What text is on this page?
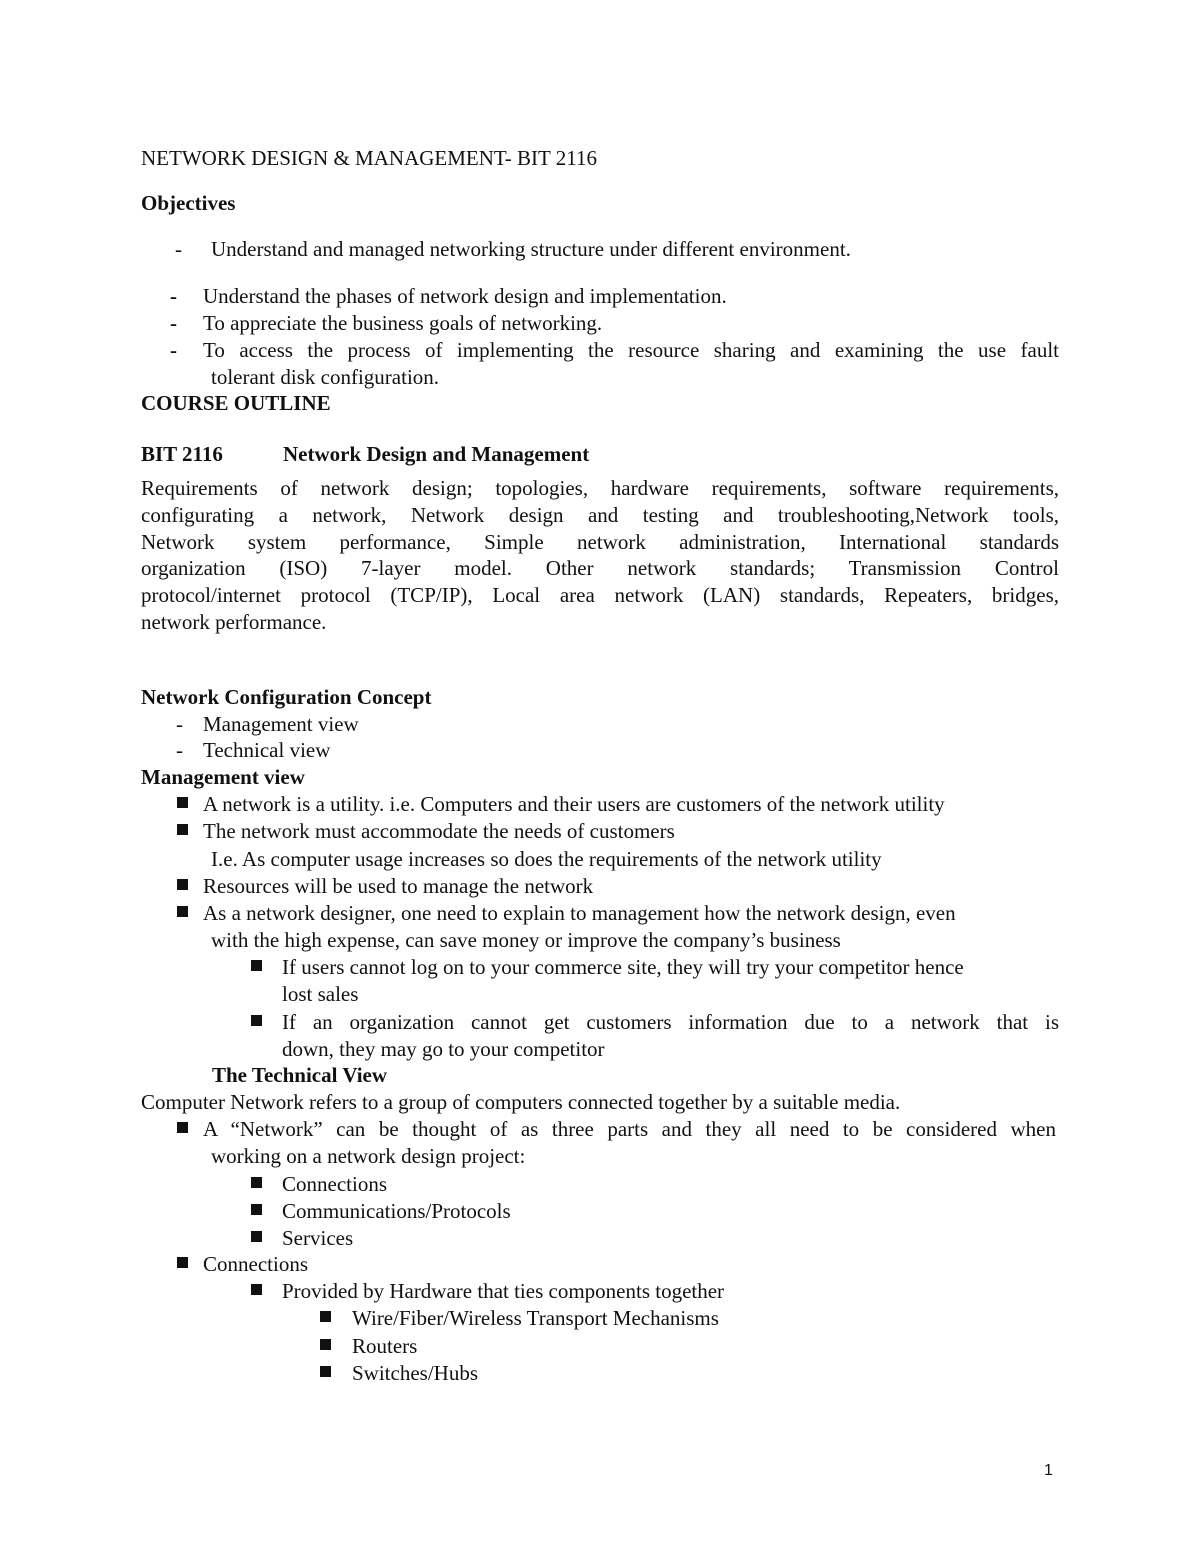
NETWORK DESIGN & MANAGEMENT- BIT 2116
Objectives
- Understand and managed networking structure under different environment.
- Understand the phases of network design and implementation.
- To appreciate the business goals of networking.
- To access the process of implementing the resource sharing and examining the use fault
tolerant disk configuration.
COURSE OUTLINE
BIT 2116	Network Design and Management
Requirements of network design; topologies, hardware requirements, software requirements,
configurating a network, Network design and testing and troubleshooting,Network tools,
Network system performance, Simple network administration, International standards
organization (ISO) 7-layer model. Other network standards; Transmission Control
protocol/internet protocol (TCP/IP), Local area network (LAN) standards, Repeaters, bridges,
network performance.
Network Configuration Concept
- Management view
- Technical view
Management view
A network is a utility. i.e. Computers and their users are customers of the network utility
The network must accommodate the needs of customers
I.e. As computer usage increases so does the requirements of the network utility
Resources will be used to manage the network
As a network designer, one need to explain to management how the network design, even
with the high expense, can save money or improve the company’s business
If users cannot log on to your commerce site, they will try your competitor hence
lost sales
If an organization cannot get customers information due to a network that is
down, they may go to your competitor
The Technical View
Computer Network refers to a group of computers connected together by a suitable media.
A “Network” can be thought of as three parts and they all need to be considered when
working on a network design project:
Connections
Communications/Protocols
Services
Connections
Provided by Hardware that ties components together
Wire/Fiber/Wireless Transport Mechanisms
Routers
Switches/Hubs
1
